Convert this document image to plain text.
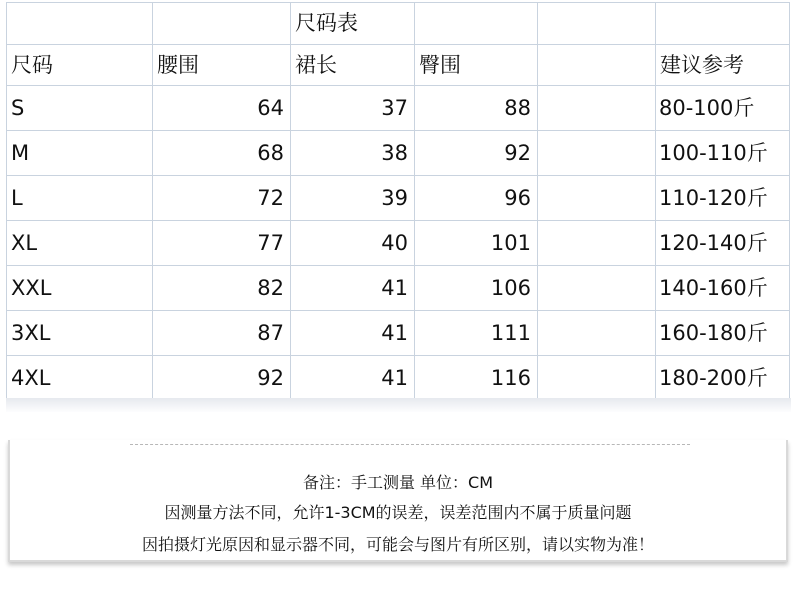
		尺码表			
尺码	腰围	裙长	臀围		建议参考
S	64	37	88		80-100斤
M	68	38	92		100-110斤
L	72	39	96		110-120斤
XL	77	40	101		120-140斤
XXL	82	41	106		140-160斤
3XL	87	41	111		160-180斤
4XL	92	41	116		180-200斤
备注：手工测量 单位：CM
因测量方法不同，允许1-3CM的误差，误差范围内不属于质量问题
因拍摄灯光原因和显示器不同，可能会与图片有所区别，请以实物为准！
